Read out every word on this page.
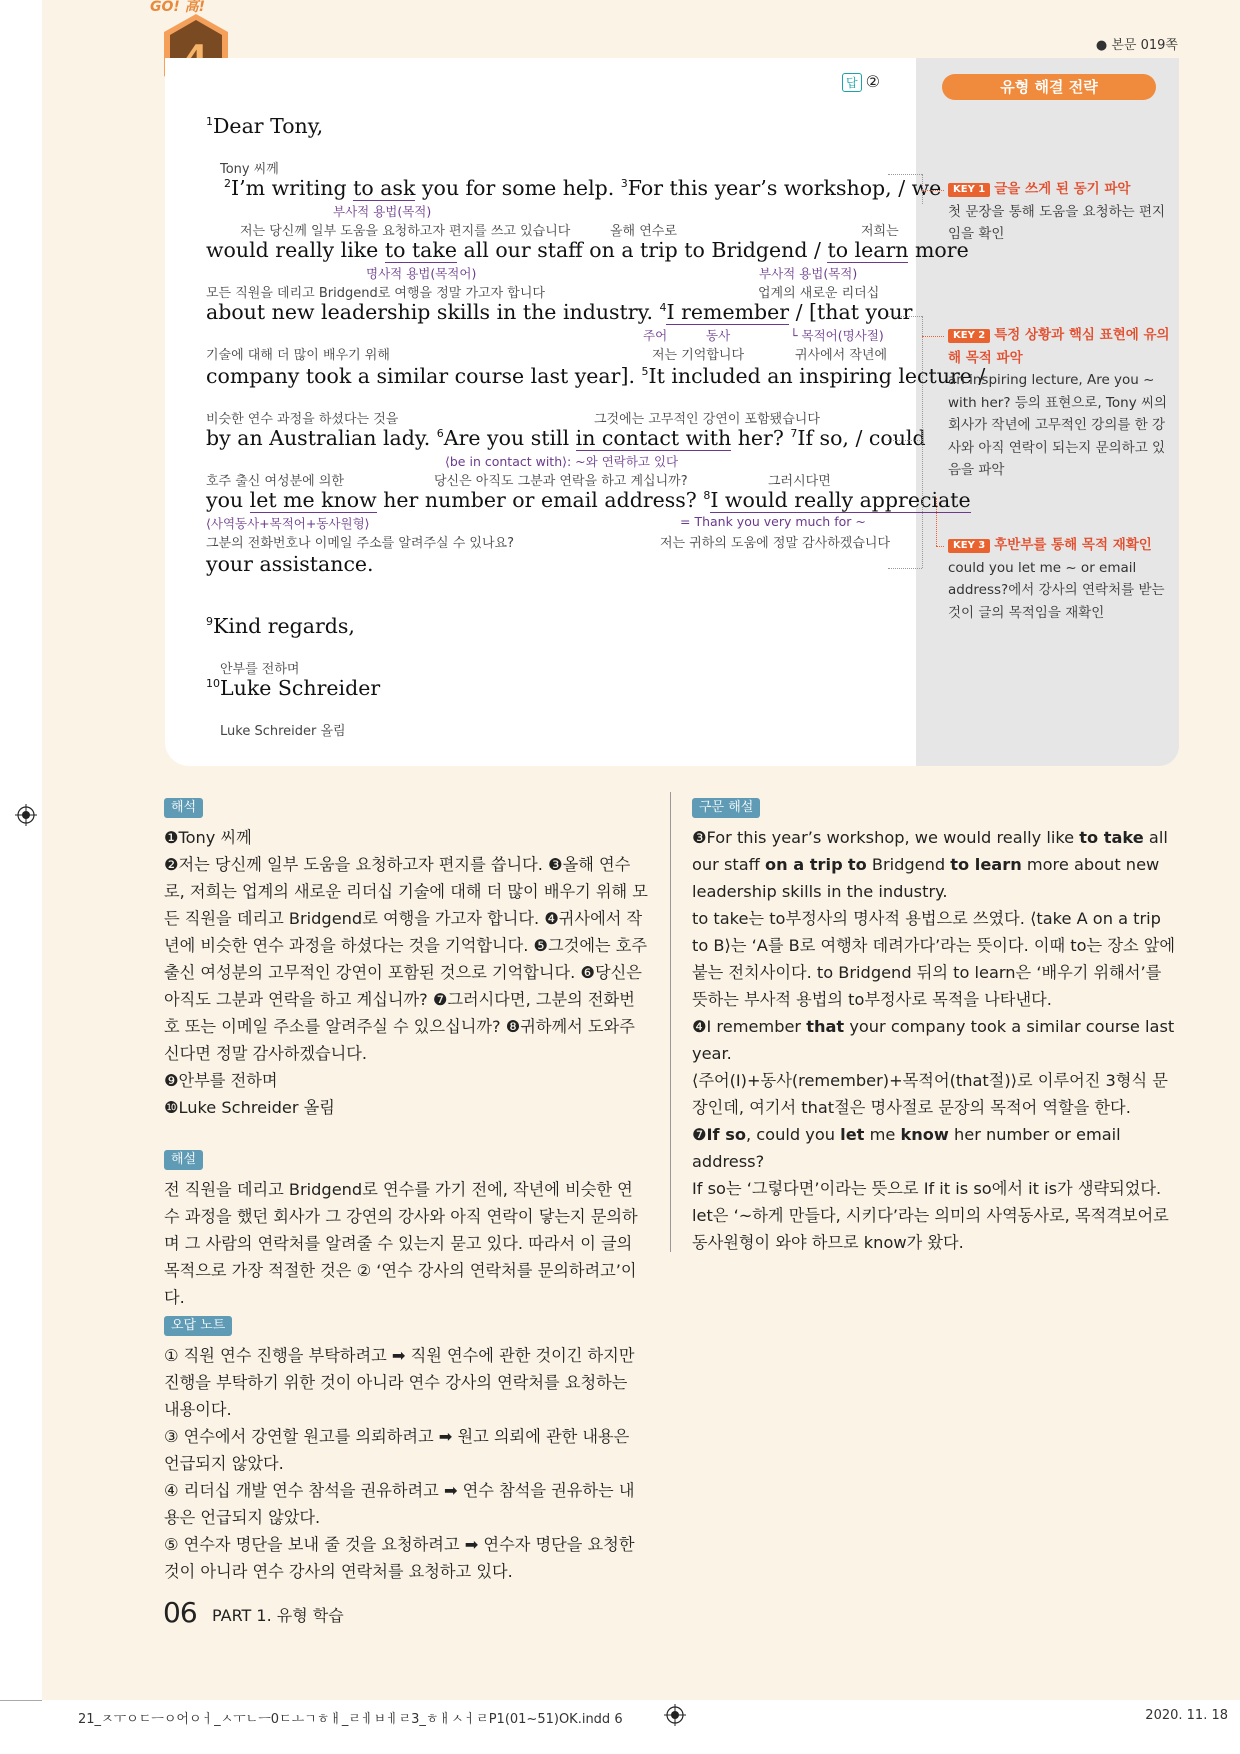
GO! 高!
● 본문 019쪽
유형 해결 전략
답 ②
$^1$Dear Tony,
Tony 씨께
부사적 용법(목적)
$^2$I’m writing to ask you for some help. $^3$For this year’s workshop, / we
저는 당신께 일부 도움을 요청하고자 편지를 쓰고 있습니다	올해 연수로	저희는
명사적 용법(목적어)	부사적 용법(목적)
would really like to take all our staff on a trip to Bridgend / to learn more
모든 직원을 데리고 Bridgend로 여행을 정말 가고자 합니다	업계의 새로운 리더십
about new leadership skills in the industry. $^4$I remember / [that your
주어	동사	└ 목적어(명사절)
기술에 대해 더 많이 배우기 위해	저는 기억합니다	귀사에서 작년에
company took a similar course last year]. $^5$It included an inspiring lecture /
비슷한 연수 과정을 하셨다는 것을	그것에는 고무적인 강연이 포함됐습니다
by an Australian lady. $^6$Are you still in contact with her? $^7$If so, / could
⟨be in contact with⟩: ~와 연락하고 있다
호주 출신 여성분에 의한	당신은 아직도 그분과 연락을 하고 계십니까?	그러시다면
you let me know her number or email address? $^8$I would really appreciate
⟨사역동사+목적어+동사원형⟩	= Thank you very much for ~
그분의 전화번호나 이메일 주소를 알려주실 수 있나요?	저는 귀하의 도움에 정말 감사하겠습니다
your assistance.
$^9$Kind regards,
안부를 전하며
$^{10}$Luke Schreider
Luke Schreider 올림
KEY 1 글을 쓰게 된 동기 파악
첫 문장을 통해 도움을 요청하는 편지임을 확인
KEY 2 특정 상황과 핵심 표현에 유의해 목적 파악
an inspiring lecture, Are you ~ with her? 등의 표현으로, Tony 씨의 회사가 작년에 고무적인 강의를 한 강사와 아직 연락이 되는지 문의하고 있음을 파악
KEY 3 후반부를 통해 목적 재확인
could you let me ~ or email address?에서 강사의 연락처를 받는 것이 글의 목적임을 재확인
해석

❶Tony 씨께

❷저는 당신께 일부 도움을 요청하고자 편지를 씁니다. ❸올해 연수로, 저희는 업계의 새로운 리더십 기술에 대해 더 많이 배우기 위해 모든 직원을 데리고 Bridgend로 여행을 가고자 합니다. ❹귀사에서 작년에 비슷한 연수 과정을 하셨다는 것을 기억합니다. ❺그것에는 호주 출신 여성분의 고무적인 강연이 포함된 것으로 기억합니다. ❻당신은 아직도 그분과 연락을 하고 계십니까? ❼그러시다면, 그분의 전화번호 또는 이메일 주소를 알려주실 수 있으십니까? ❽귀하께서 도와주신다면 정말 감사하겠습니다.

❾안부를 전하며

❿Luke Schreider 올림

해설

전 직원을 데리고 Bridgend로 연수를 가기 전에, 작년에 비슷한 연수 과정을 했던 회사가 그 강연의 강사와 아직 연락이 닿는지 문의하며 그 사람의 연락처를 알려줄 수 있는지 묻고 있다. 따라서 이 글의 목적으로 가장 적절한 것은 ② ‘연수 강사의 연락처를 문의하려고’이다.

오답 노트

① 직원 연수 진행을 부탁하려고 ➡ 직원 연수에 관한 것이긴 하지만 진행을 부탁하기 위한 것이 아니라 연수 강사의 연락처를 요청하는 내용이다.

③ 연수에서 강연할 원고를 의뢰하려고 ➡ 원고 의뢰에 관한 내용은 언급되지 않았다.

④ 리더십 개발 연수 참석을 권유하려고 ➡ 연수 참석을 권유하는 내용은 언급되지 않았다.

⑤ 연수자 명단을 보내 줄 것을 요청하려고 ➡ 연수자 명단을 요청한 것이 아니라 연수 강사의 연락처를 요청하고 있다.

구문 해설

❸For this year’s workshop, we would really like to take all our staff on a trip to Bridgend to learn more about new leadership skills in the industry.

to take는 to부정사의 명사적 용법으로 쓰였다. ⟨take A on a trip to B⟩는 ‘A를 B로 여행차 데려가다’라는 뜻이다. 이때 to는 장소 앞에 붙는 전치사이다. to Bridgend 뒤의 to learn은 ‘배우기 위해서’를 뜻하는 부사적 용법의 to부정사로 목적을 나타낸다.

❹I remember that your company took a similar course last year.

⟨주어(I)+동사(remember)+목적어(that절)⟩로 이루어진 3형식 문장인데, 여기서 that절은 명사절로 문장의 목적어 역할을 한다.

❼If so, could you let me know her number or email address?

If so는 ‘그렇다면’이라는 뜻으로 If it is so에서 it is가 생략되었다. let은 ‘~하게 만들다, 시키다’라는 의미의 사역동사로, 목적격보어로 동사원형이 와야 하므로 know가 왔다.

06 PART 1. 유형 학습
21_ㅈㅜㅇㄷㅡㅇ어ㅇㅓ_ㅅㅜㄴㅡ0ㄷㅗㄱㅎㅐ_ㄹㅔㅂㅔㄹ3_ㅎㅐㅅㅓㄹP1(01~51)OK.indd 6	2020. 11. 18
